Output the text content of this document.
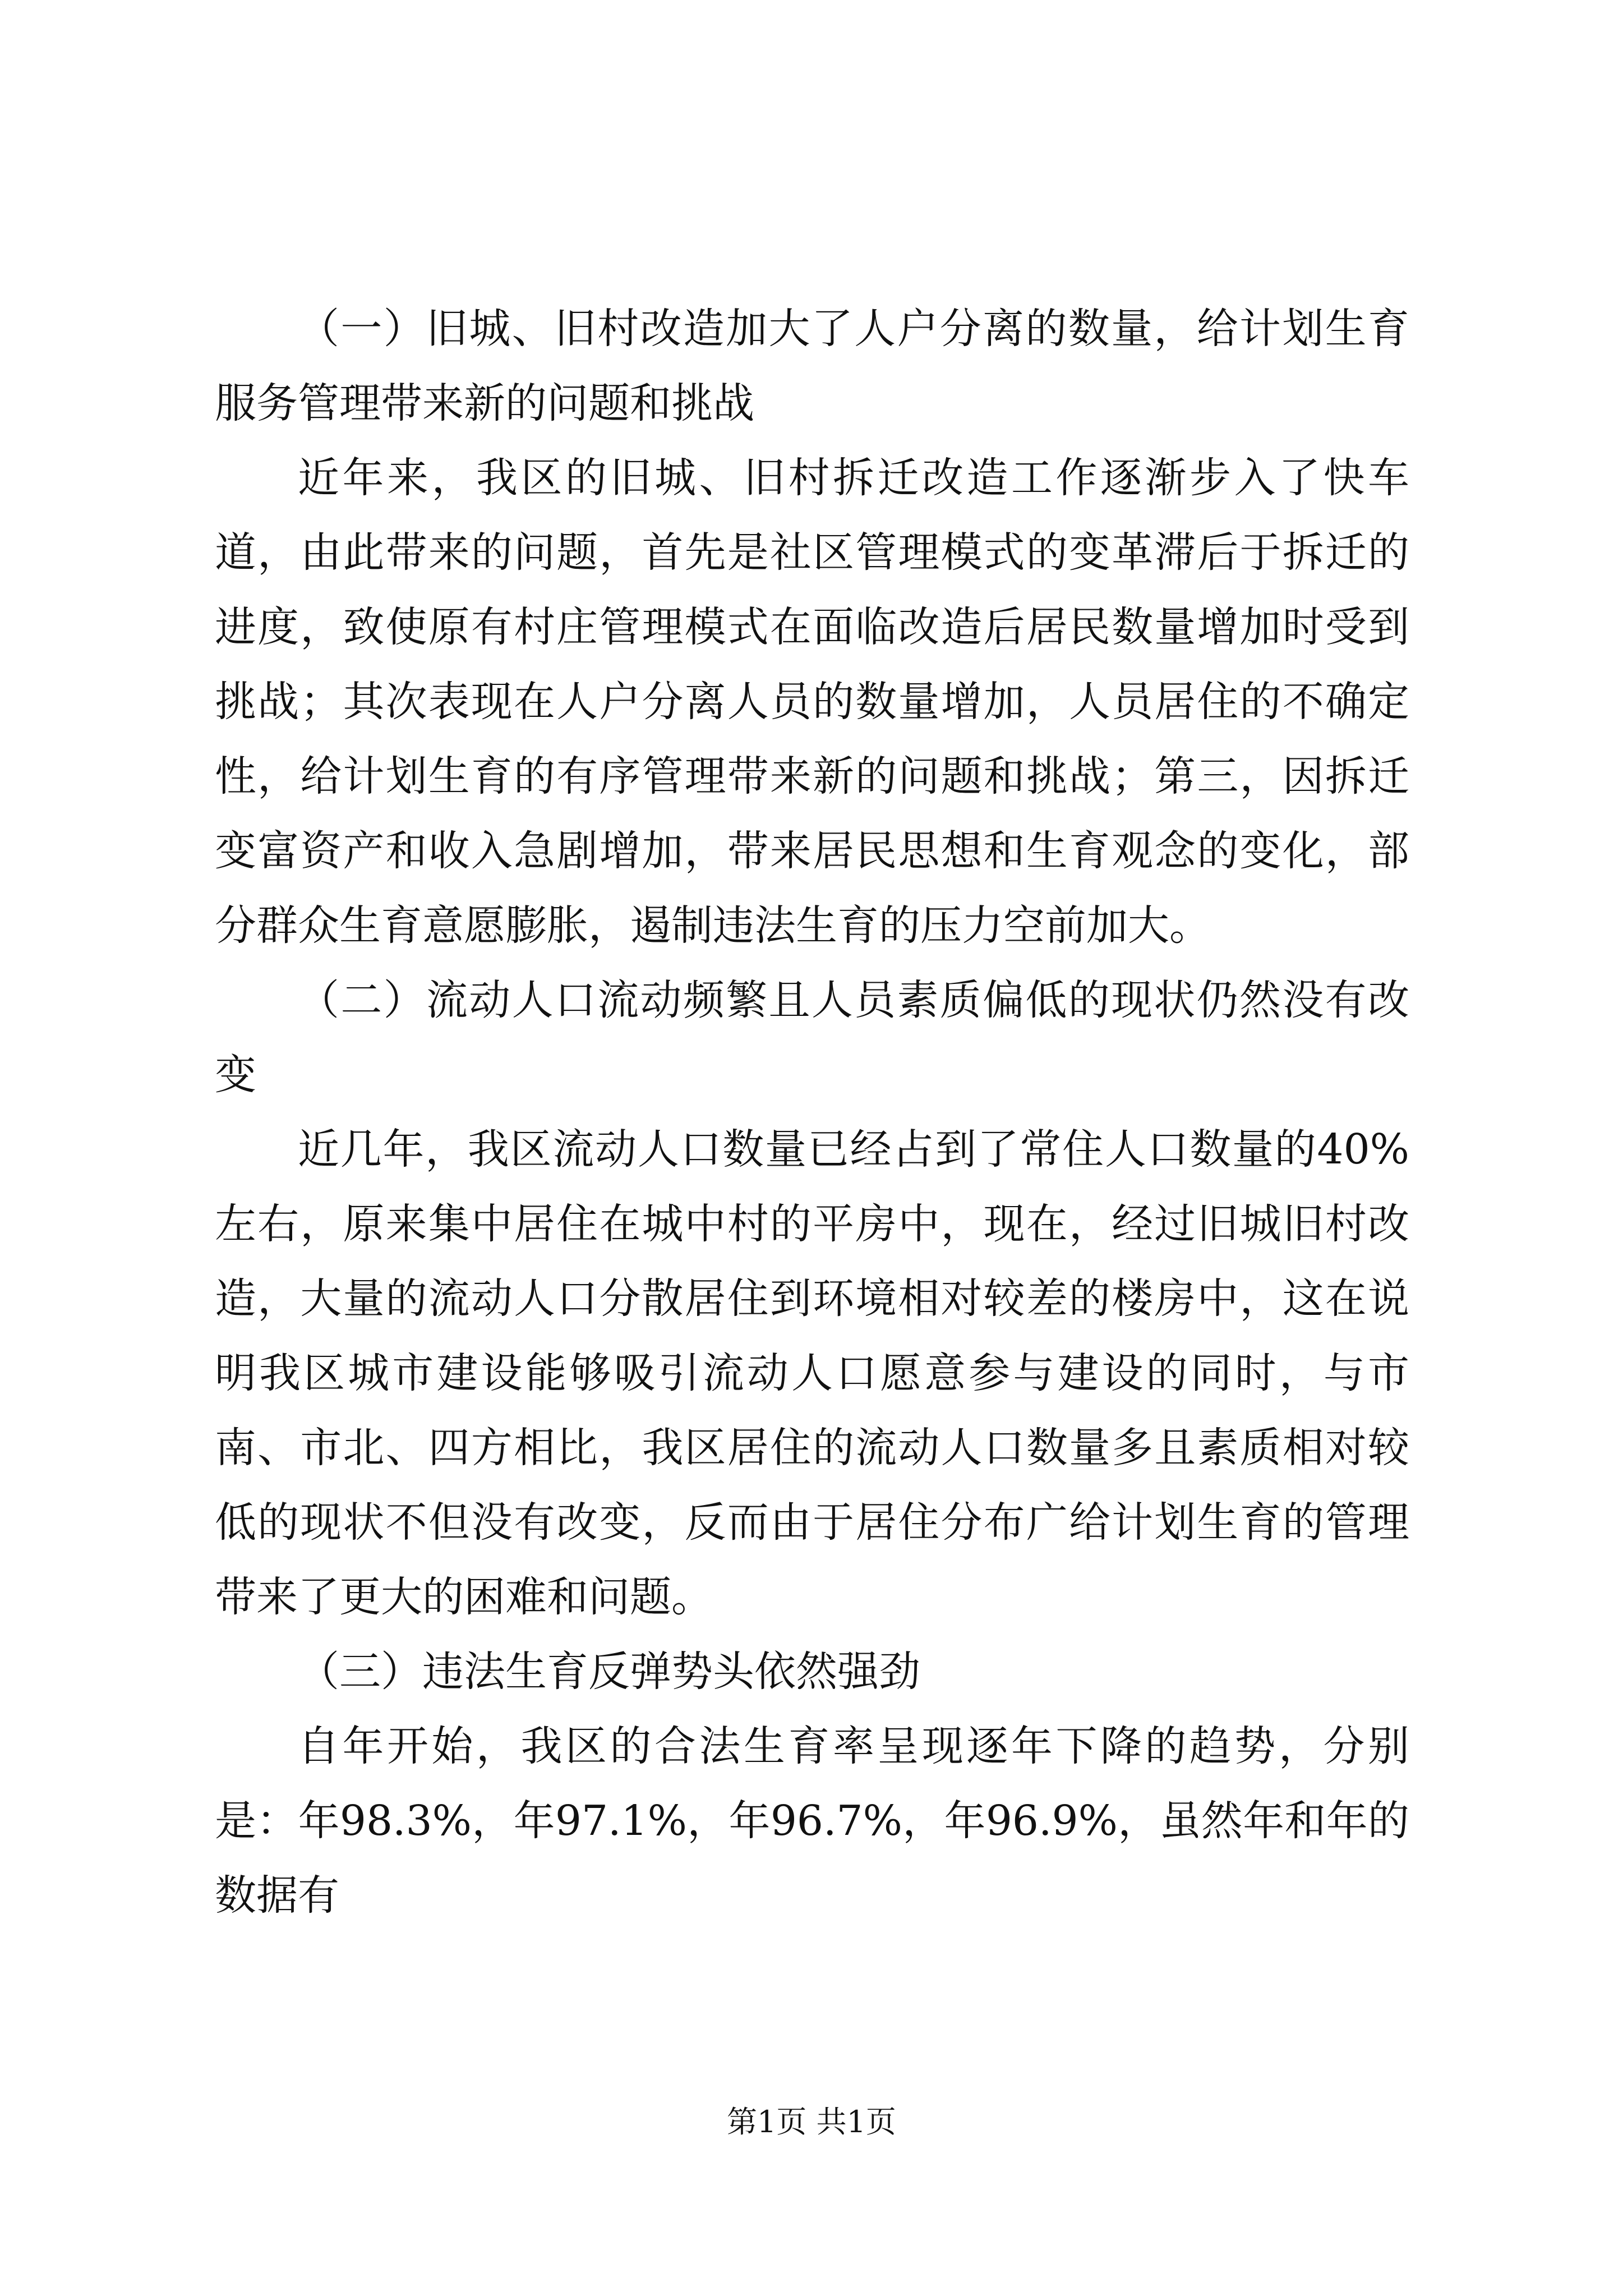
（一）旧城、旧村改造加大了人户分离的数量，给计划生育服务管理带来新的问题和挑战

近年来，我区的旧城、旧村拆迁改造工作逐渐步入了快车道，由此带来的问题，首先是社区管理模式的变革滞后于拆迁的进度，致使原有村庄管理模式在面临改造后居民数量增加时受到挑战；其次表现在人户分离人员的数量增加，人员居住的不确定性，给计划生育的有序管理带来新的问题和挑战；第三，因拆迁变富资产和收入急剧增加，带来居民思想和生育观念的变化，部分群众生育意愿膨胀，遏制违法生育的压力空前加大。

（二）流动人口流动频繁且人员素质偏低的现状仍然没有改变

近几年，我区流动人口数量已经占到了常住人口数量的40%左右，原来集中居住在城中村的平房中，现在，经过旧城旧村改造，大量的流动人口分散居住到环境相对较差的楼房中，这在说明我区城市建设能够吸引流动人口愿意参与建设的同时，与市南、市北、四方相比，我区居住的流动人口数量多且素质相对较低的现状不但没有改变，反而由于居住分布广给计划生育的管理带来了更大的困难和问题。

（三）违法生育反弹势头依然强劲

自年开始，我区的合法生育率呈现逐年下降的趋势，分别是：年98.3%，年97.1%，年96.7%，年96.9%，虽然年和年的数据有

第1页 共1页
